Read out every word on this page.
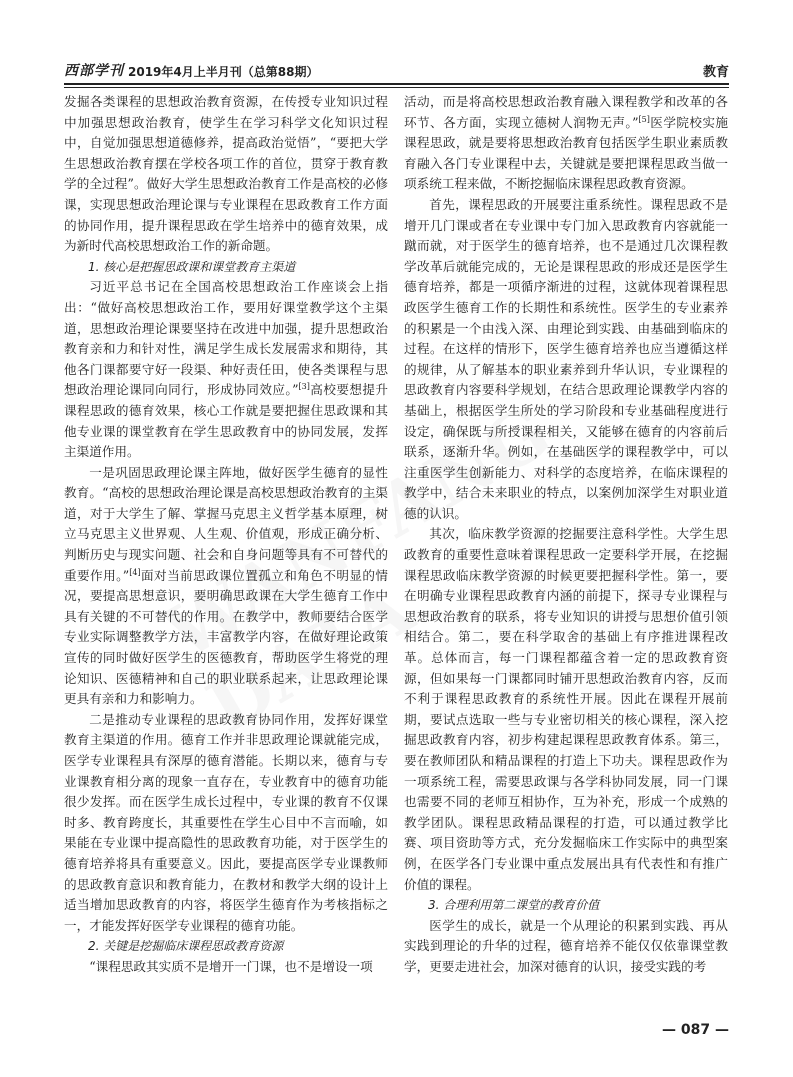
西部学刊 2019年4月上半月刊（总第88期）	教育

发掘各类课程的思想政治教育资源，在传授专业知识过程中加强思想政治教育，使学生在学习科学文化知识过程中，自觉加强思想道德修养，提高政治觉悟”，“要把大学生思想政治教育摆在学校各项工作的首位，贯穿于教育教学的全过程”。做好大学生思想政治教育工作是高校的必修课，实现思想政治理论课与专业课程在思政教育工作方面的协同作用，提升课程思政在学生培养中的德育效果，成为新时代高校思想政治工作的新命题。

1. 核心是把握思政课和课堂教育主渠道

习近平总书记在全国高校思想政治工作座谈会上指出：“做好高校思想政治工作，要用好课堂教学这个主渠道，思想政治理论课要坚持在改进中加强，提升思想政治教育亲和力和针对性，满足学生成长发展需求和期待，其他各门课都要守好一段渠、种好责任田，使各类课程与思想政治理论课同向同行，形成协同效应。”[3]高校要想提升课程思政的德育效果，核心工作就是要把握住思政课和其他专业课的课堂教育在学生思政教育中的协同发展，发挥主渠道作用。

一是巩固思政理论课主阵地，做好医学生德育的显性教育。“高校的思想政治理论课是高校思想政治教育的主渠道，对于大学生了解、掌握马克思主义哲学基本原理，树立马克思主义世界观、人生观、价值观，形成正确分析、判断历史与现实问题、社会和自身问题等具有不可替代的重要作用。”[4]面对当前思政课位置孤立和角色不明显的情况，要提高思想意识，要明确思政课在大学生德育工作中具有关键的不可替代的作用。在教学中，教师要结合医学专业实际调整教学方法，丰富教学内容，在做好理论政策宣传的同时做好医学生的医德教育，帮助医学生将党的理论知识、医德精神和自己的职业联系起来，让思政理论课更具有亲和力和影响力。

二是推动专业课程的思政教育协同作用，发挥好课堂教育主渠道的作用。德育工作并非思政理论课就能完成，医学专业课程具有深厚的德育潜能。长期以来，德育与专业课教育相分离的现象一直存在，专业教育中的德育功能很少发挥。而在医学生成长过程中，专业课的教育不仅课时多、教育跨度长，其重要性在学生心目中不言而喻，如果能在专业课中提高隐性的思政教育功能，对于医学生的德育培养将具有重要意义。因此，要提高医学专业课教师的思政教育意识和教育能力，在教材和教学大纲的设计上适当增加思政教育的内容，将医学生德育作为考核指标之一，才能发挥好医学专业课程的德育功能。

2. 关键是挖掘临床课程思政教育资源

“课程思政其实质不是增开一门课，也不是增设一项

活动，而是将高校思想政治教育融入课程教学和改革的各环节、各方面，实现立德树人润物无声。”[5]医学院校实施课程思政，就是要将思想政治教育包括医学生职业素质教育融入各门专业课程中去，关键就是要把课程思政当做一项系统工程来做，不断挖掘临床课程思政教育资源。

首先，课程思政的开展要注重系统性。课程思政不是增开几门课或者在专业课中专门加入思政教育内容就能一蹴而就，对于医学生的德育培养，也不是通过几次课程教学改革后就能完成的，无论是课程思政的形成还是医学生德育培养，都是一项循序渐进的过程，这就体现着课程思政医学生德育工作的长期性和系统性。医学生的专业素养的积累是一个由浅入深、由理论到实践、由基础到临床的过程。在这样的情形下，医学生德育培养也应当遵循这样的规律，从了解基本的职业素养到升华认识，专业课程的思政教育内容要科学规划，在结合思政理论课教学内容的基础上，根据医学生所处的学习阶段和专业基础程度进行设定，确保既与所授课程相关，又能够在德育的内容前后联系，逐渐升华。例如，在基础医学的课程教学中，可以注重医学生创新能力、对科学的态度培养，在临床课程的教学中，结合未来职业的特点，以案例加深学生对职业道德的认识。

其次，临床教学资源的挖掘要注意科学性。大学生思政教育的重要性意味着课程思政一定要科学开展，在挖掘课程思政临床教学资源的时候更要把握科学性。第一，要在明确专业课程思政教育内涵的前提下，探寻专业课程与思想政治教育的联系，将专业知识的讲授与思想价值引领相结合。第二，要在科学取舍的基础上有序推进课程改革。总体而言，每一门课程都蕴含着一定的思政教育资源，但如果每一门课都同时铺开思想政治教育内容，反而不利于课程思政教育的系统性开展。因此在课程开展前期，要试点选取一些与专业密切相关的核心课程，深入挖掘思政教育内容，初步构建起课程思政教育体系。第三，要在教师团队和精品课程的打造上下功夫。课程思政作为一项系统工程，需要思政课与各学科协同发展，同一门课也需要不同的老师互相协作，互为补充，形成一个成熟的教学团队。课程思政精品课程的打造，可以通过教学比赛、项目资助等方式，充分发掘临床工作实际中的典型案例，在医学各门专业课中重点发展出具有代表性和有推广价值的课程。

3. 合理利用第二课堂的教育价值

医学生的成长，就是一个从理论的积累到实践、再从实践到理论的升华的过程，德育培养不能仅仅依靠课堂教学，更要走进社会，加深对德育的认识，接受实践的考

— 087 —
